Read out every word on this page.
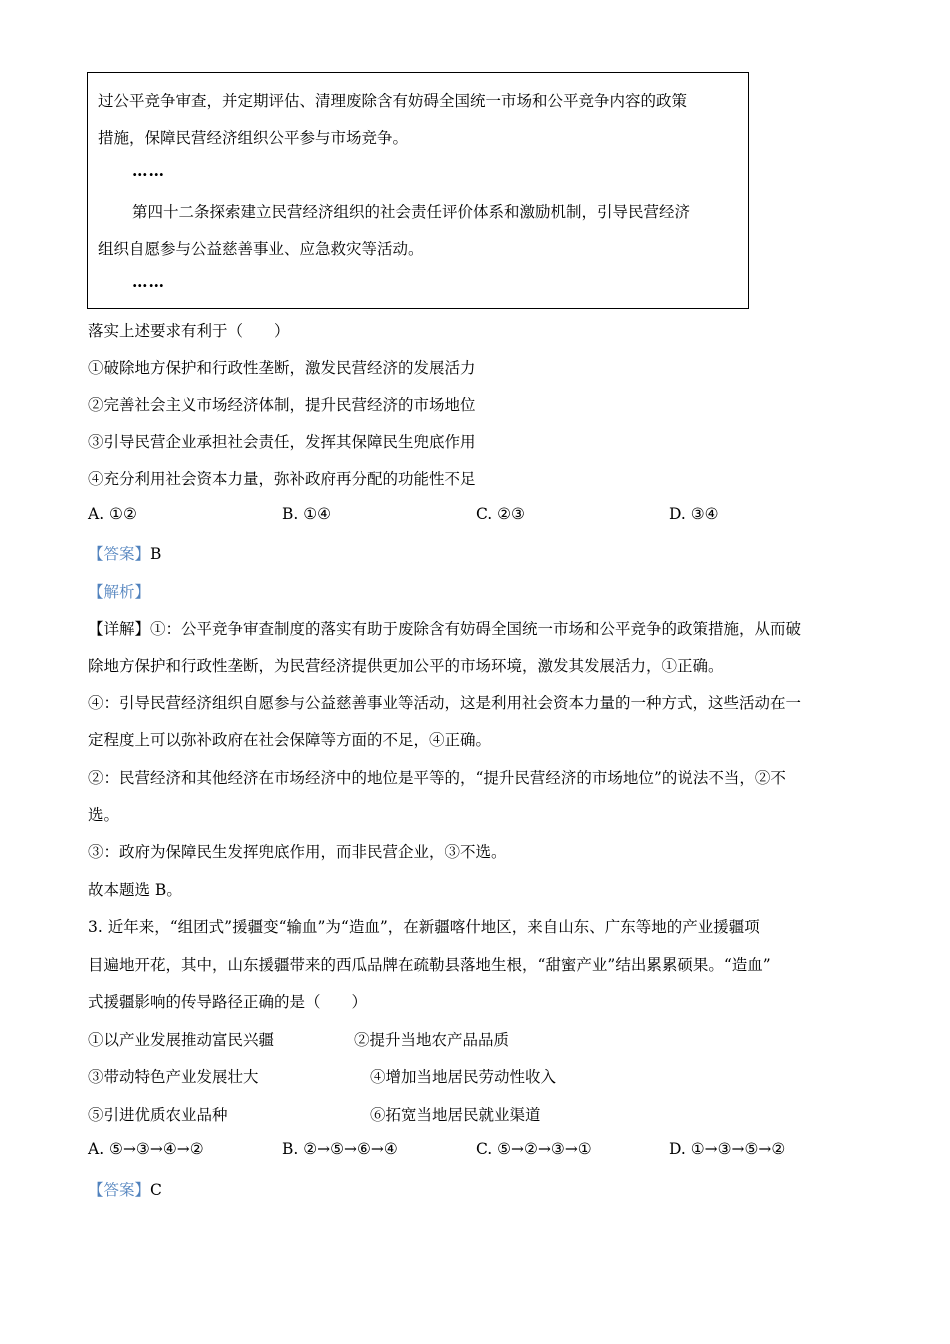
过公平竞争审查，并定期评估、清理废除含有妨碍全国统一市场和公平竞争内容的政策
措施，保障民营经济组织公平参与市场竞争。
……
第四十二条探索建立民营经济组织的社会责任评价体系和激励机制，引导民营经济
组织自愿参与公益慈善事业、应急救灾等活动。
……
落实上述要求有利于（　　）
①破除地方保护和行政性垄断，激发民营经济的发展活力
②完善社会主义市场经济体制，提升民营经济的市场地位
③引导民营企业承担社会责任，发挥其保障民生兜底作用
④充分利用社会资本力量，弥补政府再分配的功能性不足
A. ①②	B. ①④	C. ②③	D. ③④
【答案】B
【解析】
【详解】①：公平竞争审查制度的落实有助于废除含有妨碍全国统一市场和公平竞争的政策措施，从而破
除地方保护和行政性垄断，为民营经济提供更加公平的市场环境，激发其发展活力，①正确。
④：引导民营经济组织自愿参与公益慈善事业等活动，这是利用社会资本力量的一种方式，这些活动在一
定程度上可以弥补政府在社会保障等方面的不足，④正确。
②：民营经济和其他经济在市场经济中的地位是平等的，“提升民营经济的市场地位”的说法不当，②不
选。
③：政府为保障民生发挥兜底作用，而非民营企业，③不选。
故本题选 B。
3. 近年来，“组团式”援疆变“输血”为“造血”，在新疆喀什地区，来自山东、广东等地的产业援疆项
目遍地开花，其中，山东援疆带来的西瓜品牌在疏勒县落地生根，“甜蜜产业”结出累累硕果。“造血”
式援疆影响的传导路径正确的是（　　）
①以产业发展推动富民兴疆	②提升当地农产品品质
③带动特色产业发展壮大	④增加当地居民劳动性收入
⑤引进优质农业品种	⑥拓宽当地居民就业渠道
A. ⑤→③→④→②	B. ②→⑤→⑥→④	C. ⑤→②→③→①	D. ①→③→⑤→②
【答案】C
